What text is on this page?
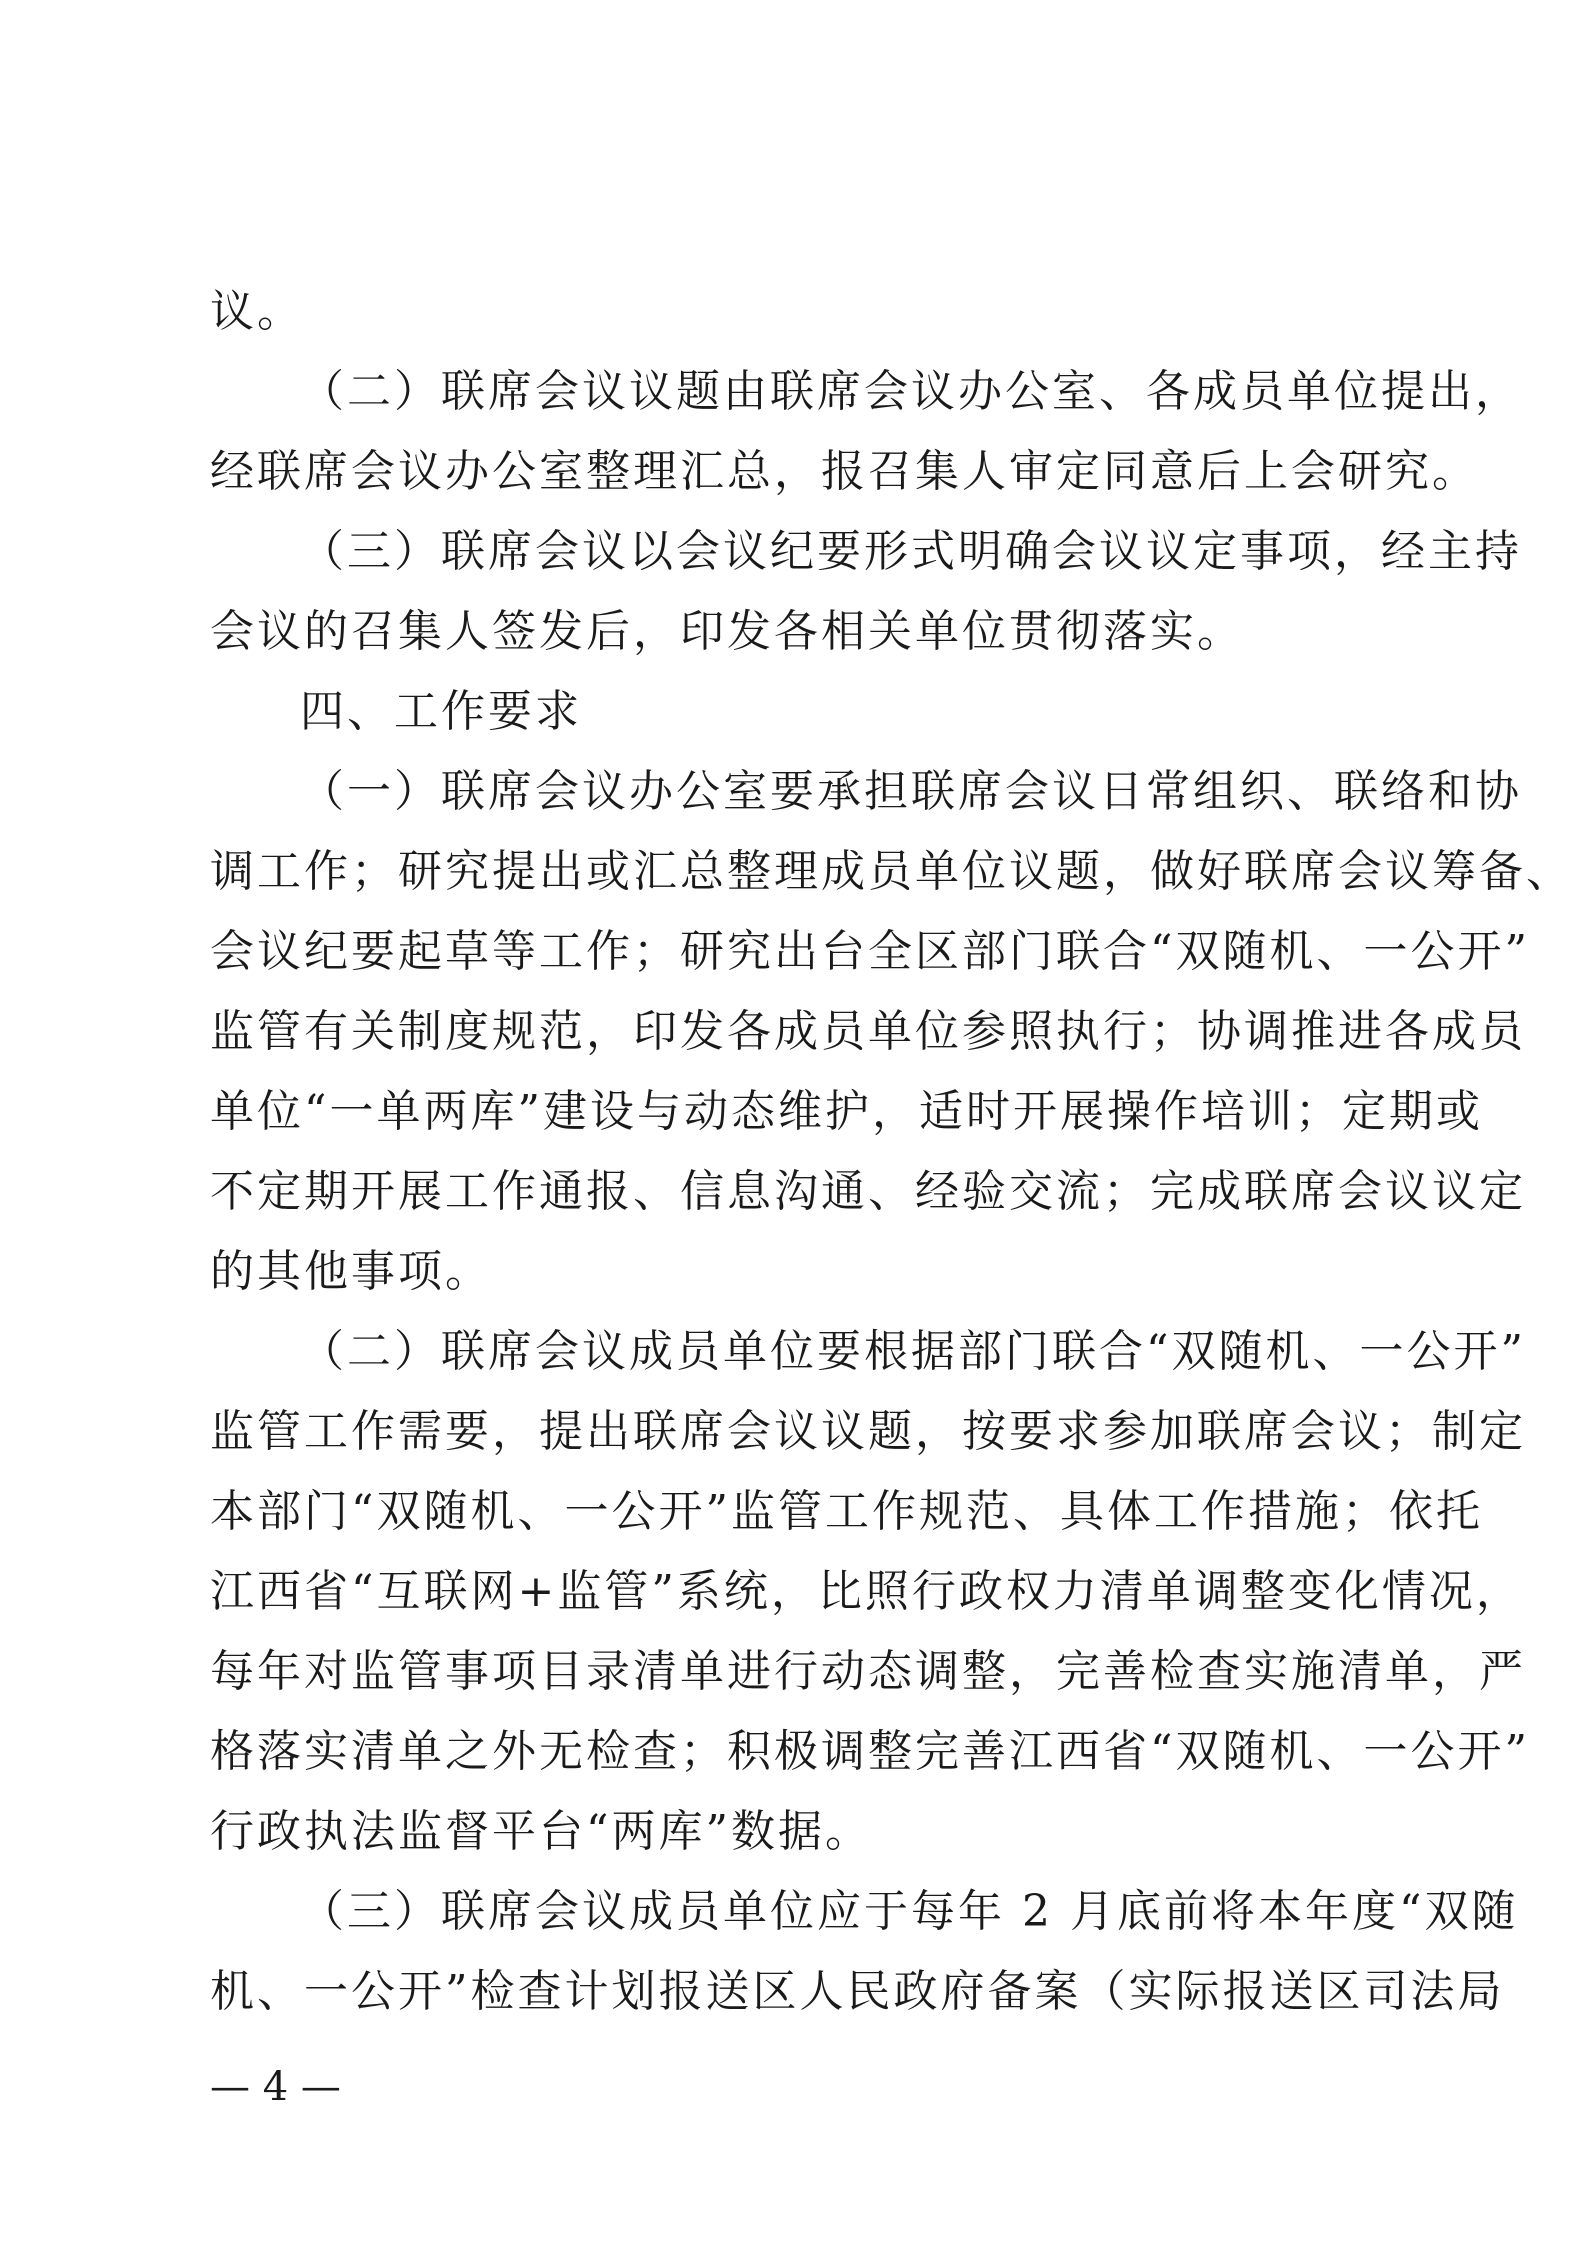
议。
（二）联席会议议题由联席会议办公室、各成员单位提出，
经联席会议办公室整理汇总，报召集人审定同意后上会研究。
（三）联席会议以会议纪要形式明确会议议定事项，经主持
会议的召集人签发后，印发各相关单位贯彻落实。
四、工作要求
（一）联席会议办公室要承担联席会议日常组织、联络和协
调工作；研究提出或汇总整理成员单位议题，做好联席会议筹备、
会议纪要起草等工作；研究出台全区部门联合“双随机、一公开”
监管有关制度规范，印发各成员单位参照执行；协调推进各成员
单位“一单两库”建设与动态维护，适时开展操作培训；定期或
不定期开展工作通报、信息沟通、经验交流；完成联席会议议定
的其他事项。
（二）联席会议成员单位要根据部门联合“双随机、一公开”
监管工作需要，提出联席会议议题，按要求参加联席会议；制定
本部门“双随机、一公开”监管工作规范、具体工作措施；依托
江西省“互联网+监管”系统，比照行政权力清单调整变化情况，
每年对监管事项目录清单进行动态调整，完善检查实施清单，严
格落实清单之外无检查；积极调整完善江西省“双随机、一公开”
行政执法监督平台“两库”数据。
（三）联席会议成员单位应于每年 2 月底前将本年度“双随
机、一公开”检查计划报送区人民政府备案（实际报送区司法局
— 4 —
